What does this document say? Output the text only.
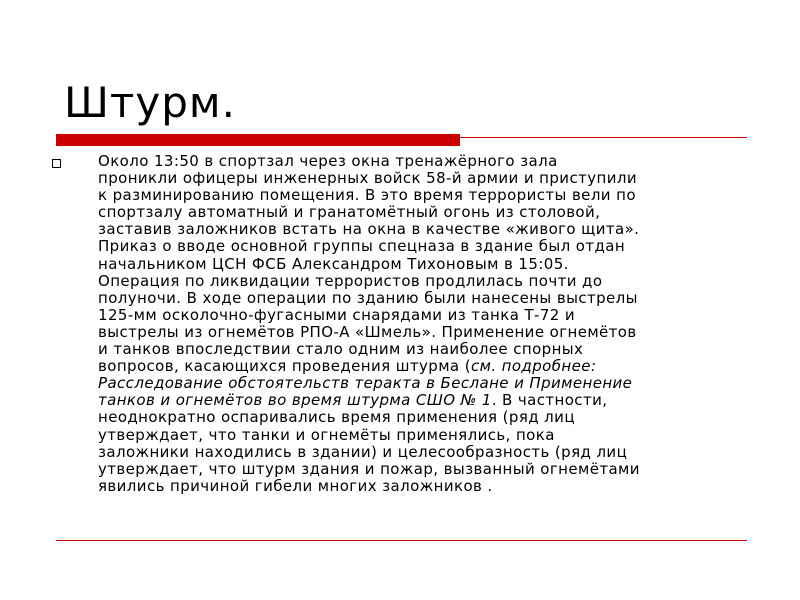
Штурм.

Около 13:50 в спортзал через окна тренажёрного зала
проникли офицеры инженерных войск 58-й армии и приступили
к разминированию помещения. В это время террористы вели по
спортзалу автоматный и гранатомётный огонь из столовой,
заставив заложников встать на окна в качестве «живого щита».
Приказ о вводе основной группы спецназа в здание был отдан
начальником ЦСН ФСБ Александром Тихоновым в 15:05.
Операция по ликвидации террористов продлилась почти до
полуночи. В ходе операции по зданию были нанесены выстрелы
125-мм осколочно-фугасными снарядами из танка Т-72 и
выстрелы из огнемётов РПО-А «Шмель». Применение огнемётов
и танков впоследствии стало одним из наиболее спорных
вопросов, касающихся проведения штурма (см. подробнее:
Расследование обстоятельств теракта в Беслане и Применение
танков и огнемётов во время штурма СШО № 1. В частности,
неоднократно оспаривались время применения (ряд лиц
утверждает, что танки и огнемёты применялись, пока
заложники находились в здании) и целесообразность (ряд лиц
утверждает, что штурм здания и пожар, вызванный огнемётами
явились причиной гибели многих заложников .
